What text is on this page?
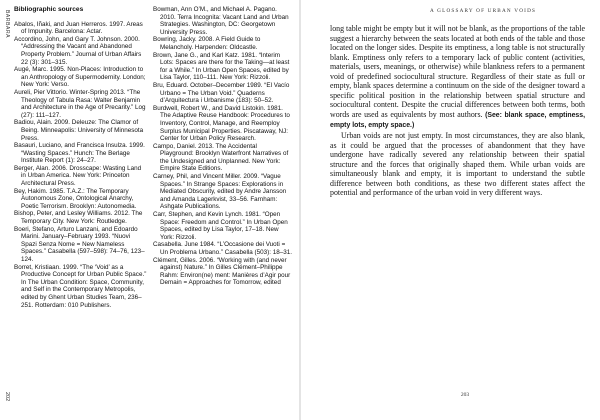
BARBARA
202
Bibliographic sources
Abalos, Iñaki, and Juan Herreros. 1997. Areas of Impunity. Barcelona: Actar.
Accordino, John, and Gary T. Johnson. 2000. “Addressing the Vacant and Abandoned Property Problem.” Journal of Urban Affairs 22 (3): 301–315.
Augé, Marc. 1995. Non-Places: Introduction to an Anthropology of Supermodernity. London; New York: Verso.
Aureli, Pier Vittorio. Winter-Spring 2013. “The Theology of Tabula Rasa: Walter Benjamin and Architecture in the Age of Precarity.” Log (27): 111–127.
Badiou, Alain. 2009. Deleuze: The Clamor of Being. Minneapolis: University of Minnesota Press.
Basauri, Luciano, and Francisca Insulza. 1999. “Wasting Spaces.” Hunch: The Berlage Institute Report (1): 24–27.
Berger, Alan. 2006. Drosscape: Wasting Land in Urban America. New York: Princeton Architectural Press.
Bey, Hakim. 1985. T.A.Z.: The Temporary Autonomous Zone, Ontological Anarchy, Poetic Terrorism. Brooklyn: Autonomedia.
Bishop, Peter, and Lesley Williams. 2012. The Temporary City. New York: Routledge.
Boeri, Stefano, Arturo Lanzani, and Edoardo Marini. January–February 1993. “Nuovi Spazi Senza Nome = New Nameless Spaces.” Casabella (597–598): 74–76, 123–124.
Borret, Kristiaan. 1999. “The ‘Void’ as a Productive Concept for Urban Public Space.” In The Urban Condition: Space, Community, and Self in the Contemporary Metropolis, edited by Ghent Urban Studies Team, 236–251. Rotterdam: 010 Publishers.
Bowman, Ann O’M., and Michael A. Pagano. 2010. Terra Incognita: Vacant Land and Urban Strategies. Washington, DC: Georgetown University Press.
Bowring, Jacky. 2008. A Field Guide to Melancholy. Harpenden: Oldcastle.
Brown, Jane G., and Karl Katz. 1981. “Interim Lots: Spaces are there for the Taking—at least for a While.” In Urban Open Spaces, edited by Lisa Taylor, 110–111. New York: Rizzoli.
Bru, Eduard. October–December 1989. “El Vacío Urbano = The Urban Void.” Quaderns d’Arquitectura i Urbanisme (183): 50–52.
Burdwell, Robert W., and David Listokin. 1981. The Adaptive Reuse Handbook: Procedures to Inventory, Control, Manage, and Reemploy Surplus Municipal Properties. Piscataway, NJ: Center for Urban Policy Research.
Campo, Daniel. 2013. The Accidental Playground: Brooklyn Waterfront Narratives of the Undesigned and Unplanned. New York: Empire State Editions.
Carney, Phil, and Vincent Miller. 2009. “Vague Spaces.” In Strange Spaces: Explorations in Mediated Obscurity, edited by Andre Jansson and Amanda Lagerkvist, 33–56. Farnham: Ashgate Publications.
Carr, Stephen, and Kevin Lynch. 1981. “Open Space: Freedom and Control.” In Urban Open Spaces, edited by Lisa Taylor, 17–18. New York: Rizzoli.
Casabella. June 1984. “L’Occasione dei Vuoti = Un Problema Urbano.” Casabella (503): 18–31.
Clément, Gilles. 2006. “Working with (and never against) Nature.” In Gilles Clément–Philippe Rahm: Environ(ne) ment: Manières d’Agir pour Demain = Approaches for Tomorrow, edited
A GLOSSARY OF URBAN VOIDS

long table might be empty but it will not be blank, as the proportions of the table suggest a hierarchy between the seats located at both ends of the table and those located on the longer sides. Despite its emptiness, a long table is not structurally blank. Emptiness only refers to a temporary lack of public content (activities, materials, users, meanings, or otherwise) while blankness refers to a permanent void of predefined sociocultural structure. Regardless of their state as full or empty, blank spaces determine a continuum on the side of the designer toward a specific political position in the relationship between spatial structure and sociocultural content. Despite the crucial differences between both terms, both words are used as equivalents by most authors. (See: blank space, emptiness, empty lots, empty space.)

Urban voids are not just empty. In most circumstances, they are also blank, as it could be argued that the processes of abandonment that they have undergone have radically severed any relationship between their spatial structure and the forces that originally shaped them. While urban voids are simultaneously blank and empty, it is important to understand the subtle difference between both conditions, as these two different states affect the potential and performance of the urban void in very different ways.

203
